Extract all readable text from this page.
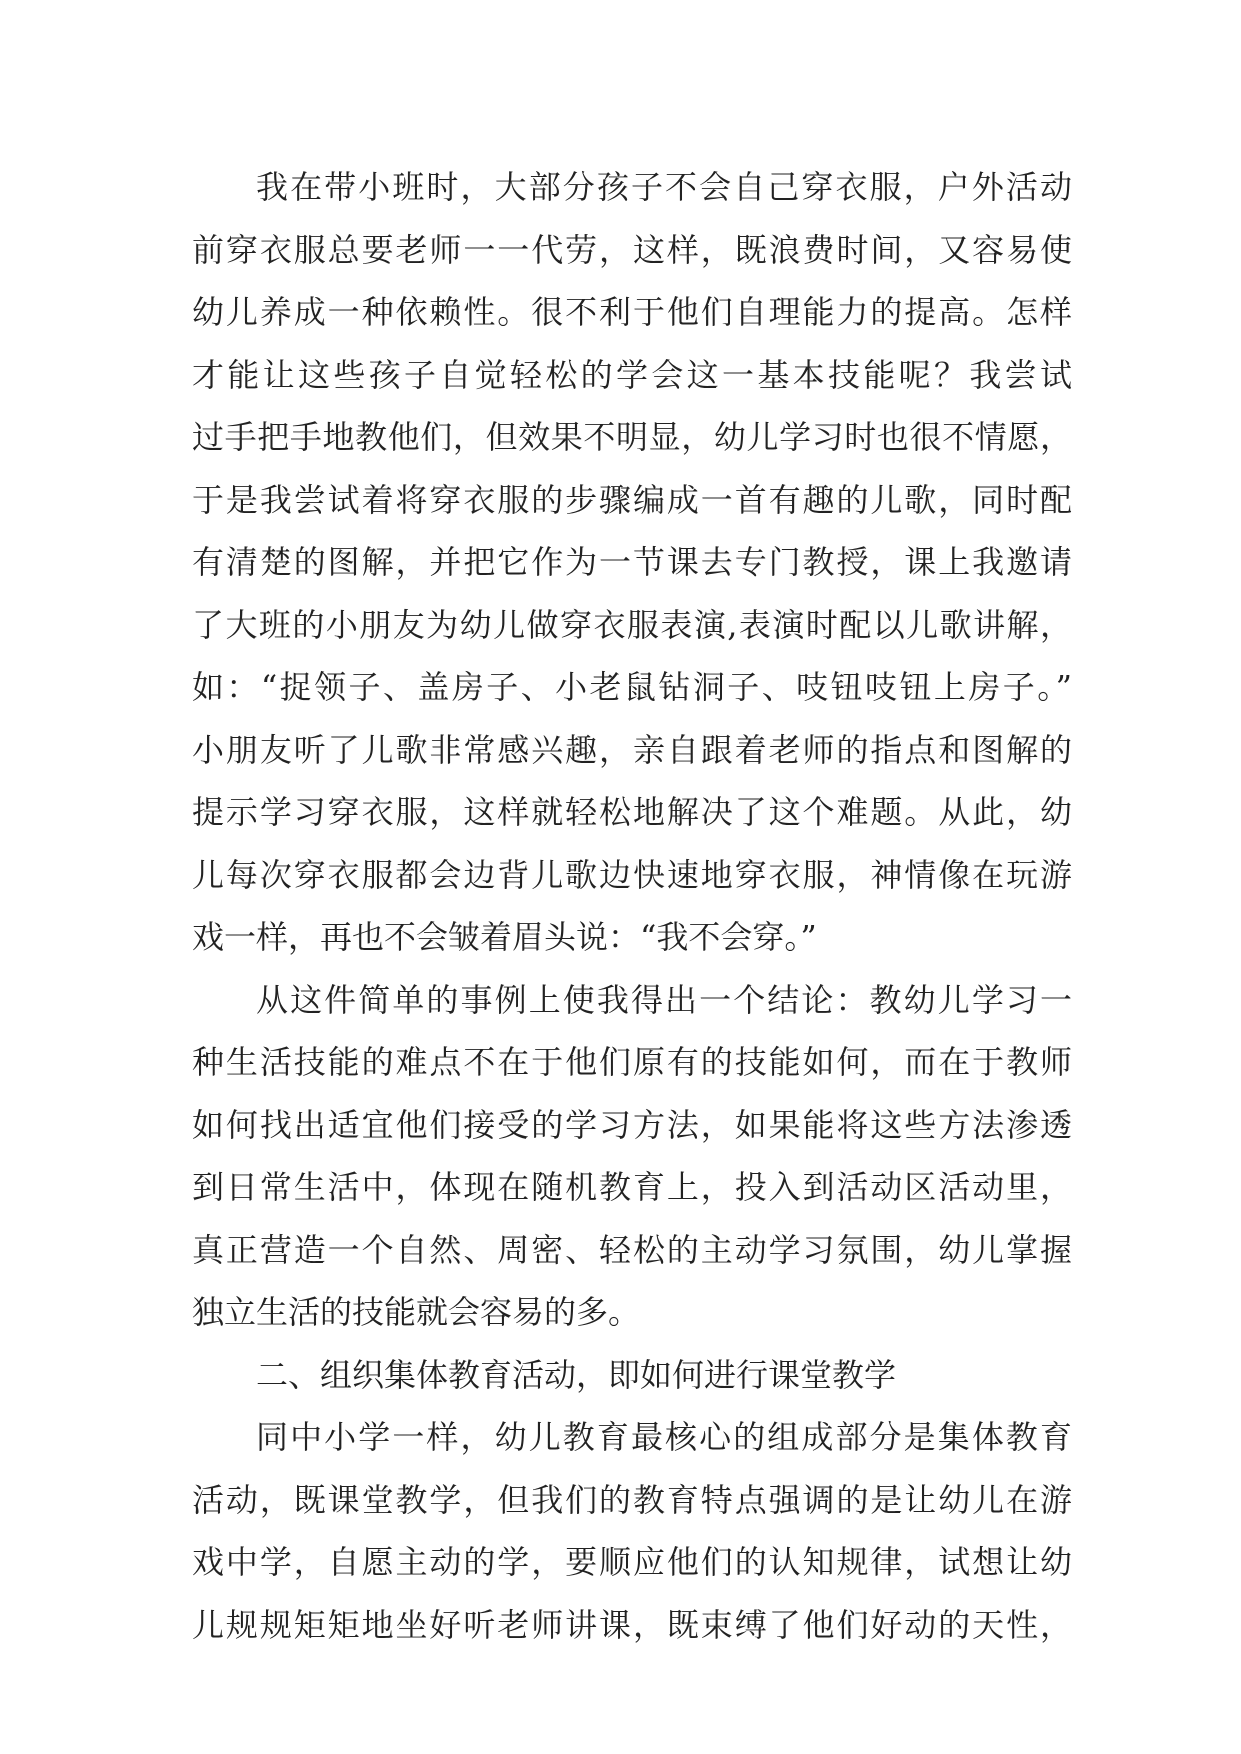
我在带小班时，大部分孩子不会自己穿衣服，户外活动
前穿衣服总要老师一一代劳，这样，既浪费时间，又容易使
幼儿养成一种依赖性。很不利于他们自理能力的提高。怎样
才能让这些孩子自觉轻松的学会这一基本技能呢？我尝试
过手把手地教他们，但效果不明显，幼儿学习时也很不情愿，
于是我尝试着将穿衣服的步骤编成一首有趣的儿歌，同时配
有清楚的图解，并把它作为一节课去专门教授，课上我邀请
了大班的小朋友为幼儿做穿衣服表演,表演时配以儿歌讲解，
如：“捉领子、盖房子、小老鼠钻洞子、吱钮吱钮上房子。”
小朋友听了儿歌非常感兴趣，亲自跟着老师的指点和图解的
提示学习穿衣服，这样就轻松地解决了这个难题。从此，幼
儿每次穿衣服都会边背儿歌边快速地穿衣服，神情像在玩游
戏一样，再也不会皱着眉头说：“我不会穿。”
从这件简单的事例上使我得出一个结论：教幼儿学习一
种生活技能的难点不在于他们原有的技能如何，而在于教师
如何找出适宜他们接受的学习方法，如果能将这些方法渗透
到日常生活中，体现在随机教育上，投入到活动区活动里，
真正营造一个自然、周密、轻松的主动学习氛围，幼儿掌握
独立生活的技能就会容易的多。
二、组织集体教育活动，即如何进行课堂教学
同中小学一样，幼儿教育最核心的组成部分是集体教育
活动，既课堂教学，但我们的教育特点强调的是让幼儿在游
戏中学，自愿主动的学，要顺应他们的认知规律，试想让幼
儿规规矩矩地坐好听老师讲课，既束缚了他们好动的天性，
